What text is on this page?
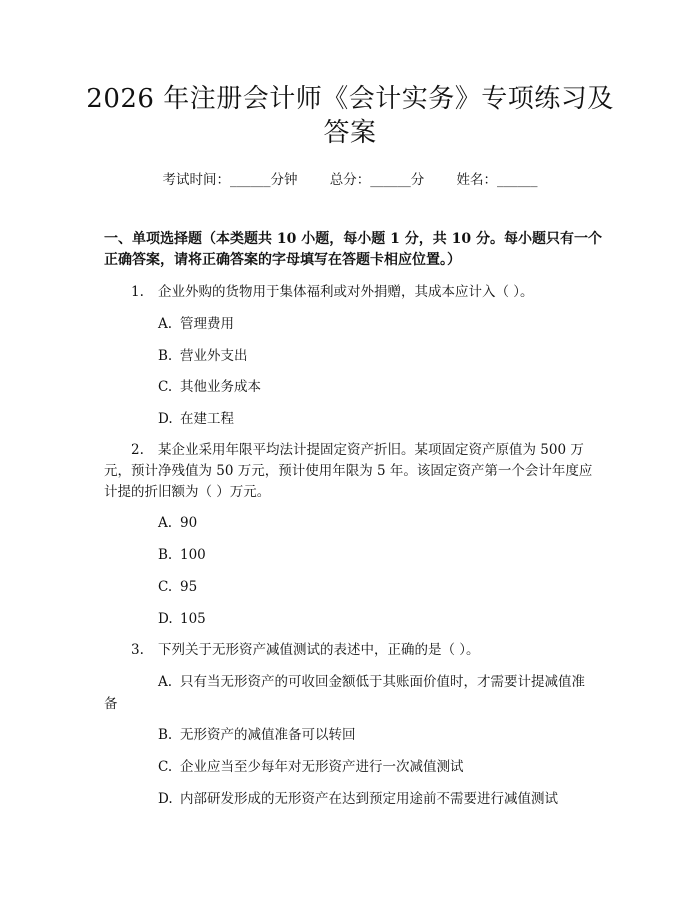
2026 年注册会计师《会计实务》专项练习及答案
考试时间：______分钟 总分：______分 姓名：______
一、单项选择题（本类题共 10 小题，每小题 1 分，共 10 分。每小题只有一个正确答案，请将正确答案的字母填写在答题卡相应位置。）
1. 企业外购的货物用于集体福利或对外捐赠，其成本应计入（ ）。
A. 管理费用
B. 营业外支出
C. 其他业务成本
D. 在建工程
2. 某企业采用年限平均法计提固定资产折旧。某项固定资产原值为 500 万元，预计净残值为 50 万元，预计使用年限为 5 年。该固定资产第一个会计年度应计提的折旧额为（ ）万元。
A. 90
B. 100
C. 95
D. 105
3. 下列关于无形资产减值测试的表述中，正确的是（ ）。
A. 只有当无形资产的可收回金额低于其账面价值时，才需要计提减值准备
B. 无形资产的减值准备可以转回
C. 企业应当至少每年对无形资产进行一次减值测试
D. 内部研发形成的无形资产在达到预定用途前不需要进行减值测试
